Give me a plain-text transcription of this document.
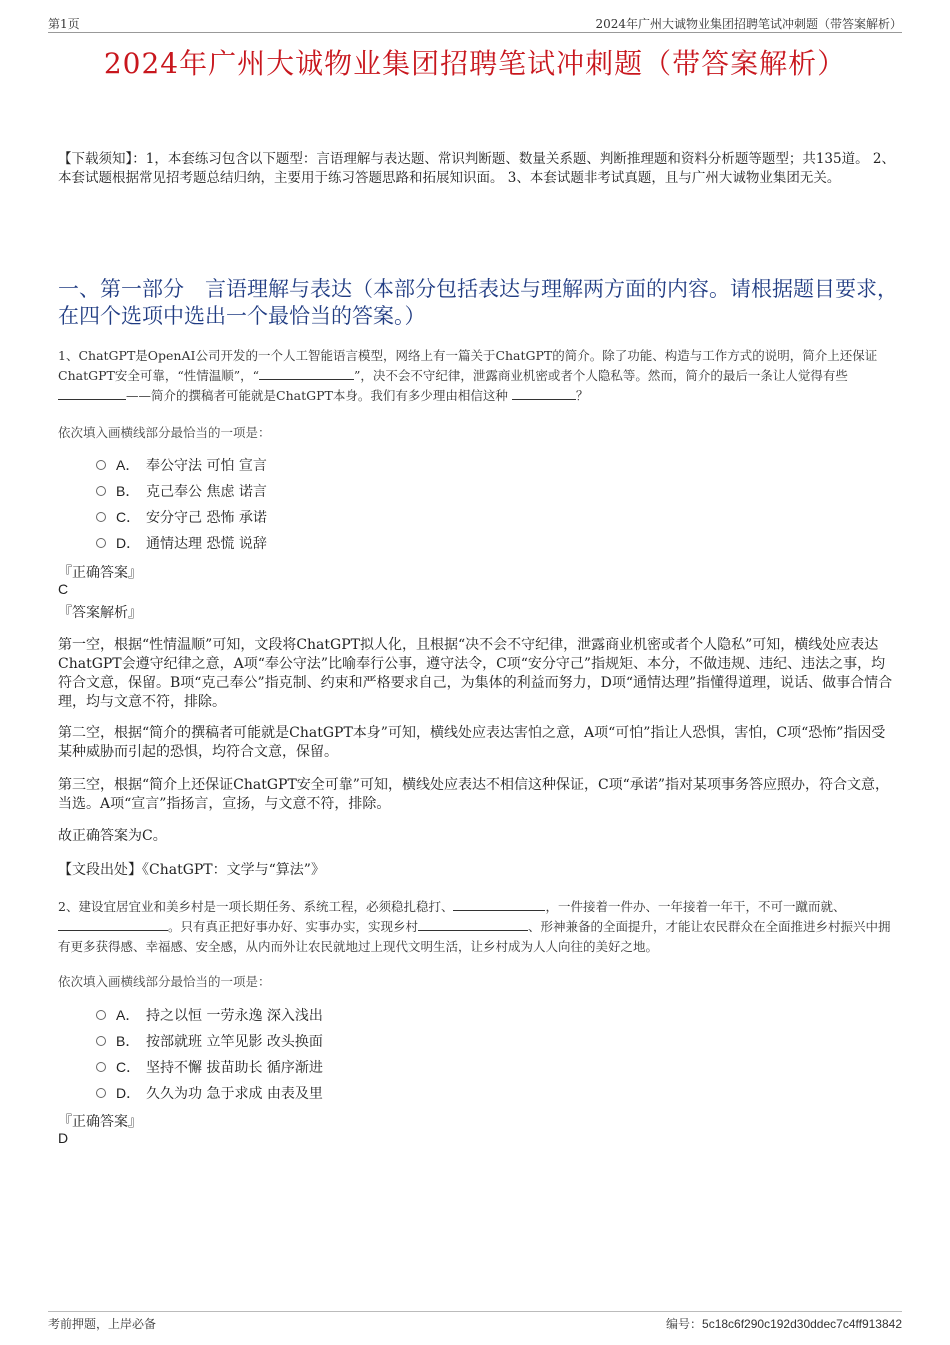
第1页	2024年广州大诚物业集团招聘笔试冲刺题（带答案解析）
2024年广州大诚物业集团招聘笔试冲刺题（带答案解析）
【下载须知】：1，本套练习包含以下题型：言语理解与表达题、常识判断题、数量关系题、判断推理题和资料分析题等题型；共135道。 2、本套试题根据常见招考题总结归纳，主要用于练习答题思路和拓展知识面。 3、本套试题非考试真题，且与广州大诚物业集团无关。
一、第一部分　言语理解与表达（本部分包括表达与理解两方面的内容。请根据题目要求，在四个选项中选出一个最恰当的答案。）
1、ChatGPT是OpenAI公司开发的一个人工智能语言模型，网络上有一篇关于ChatGPT的简介。除了功能、构造与工作方式的说明，简介上还保证ChatGPT安全可靠，“性情温顺”，“	”，决不会不守纪律，泄露商业机密或者个人隐私等。然而，简介的最后一条让人觉得有些——简介的撰稿者可能就是ChatGPT本身。我们有多少理由相信这种	？
依次填入画横线部分最恰当的一项是：
A． 奉公守法 可怕 宣言
B． 克己奉公 焦虑 诺言
C． 安分守己 恐怖 承诺
D． 通情达理 恐慌 说辞
『正确答案』
C
『答案解析』
第一空，根据“性情温顺”可知，文段将ChatGPT拟人化，且根据“决不会不守纪律，泄露商业机密或者个人隐私”可知，横线处应表达ChatGPT会遵守纪律之意，A项“奉公守法”比喻奉行公事，遵守法令，C项“安分守己”指规矩、本分，不做违规、违纪、违法之事，均符合文意，保留。B项“克己奉公”指克制、约束和严格要求自己，为集体的利益而努力，D项“通情达理”指懂得道理，说话、做事合情合理，均与文意不符，排除。
第二空，根据“简介的撰稿者可能就是ChatGPT本身”可知，横线处应表达害怕之意，A项“可怕”指让人恐惧，害怕，C项“恐怖”指因受某种威胁而引起的恐惧，均符合文意，保留。
第三空，根据“简介上还保证ChatGPT安全可靠”可知，横线处应表达不相信这种保证，C项“承诺”指对某项事务答应照办，符合文意，当选。A项“宣言”指扬言，宣扬，与文意不符，排除。
故正确答案为C。
【文段出处】《ChatGPT：文学与“算法”》
2、建设宜居宜业和美乡村是一项长期任务、系统工程，必须稳扎稳打、	，一件接着一件办、一年接着一年干，不可一蹴而就、。只有真正把好事办好、实事办实，实现乡村	、形神兼备的全面提升，才能让农民群众在全面推进乡村振兴中拥有更多获得感、幸福感、安全感，从内而外让农民就地过上现代文明生活，让乡村成为人人向往的美好之地。
依次填入画横线部分最恰当的一项是：
A． 持之以恒 一劳永逸 深入浅出
B． 按部就班 立竿见影 改头换面
C． 坚持不懈 拔苗助长 循序渐进
D． 久久为功 急于求成 由表及里
『正确答案』
D
考前押题，上岸必备	编号：5c18c6f290c192d30ddec7c4ff913842
